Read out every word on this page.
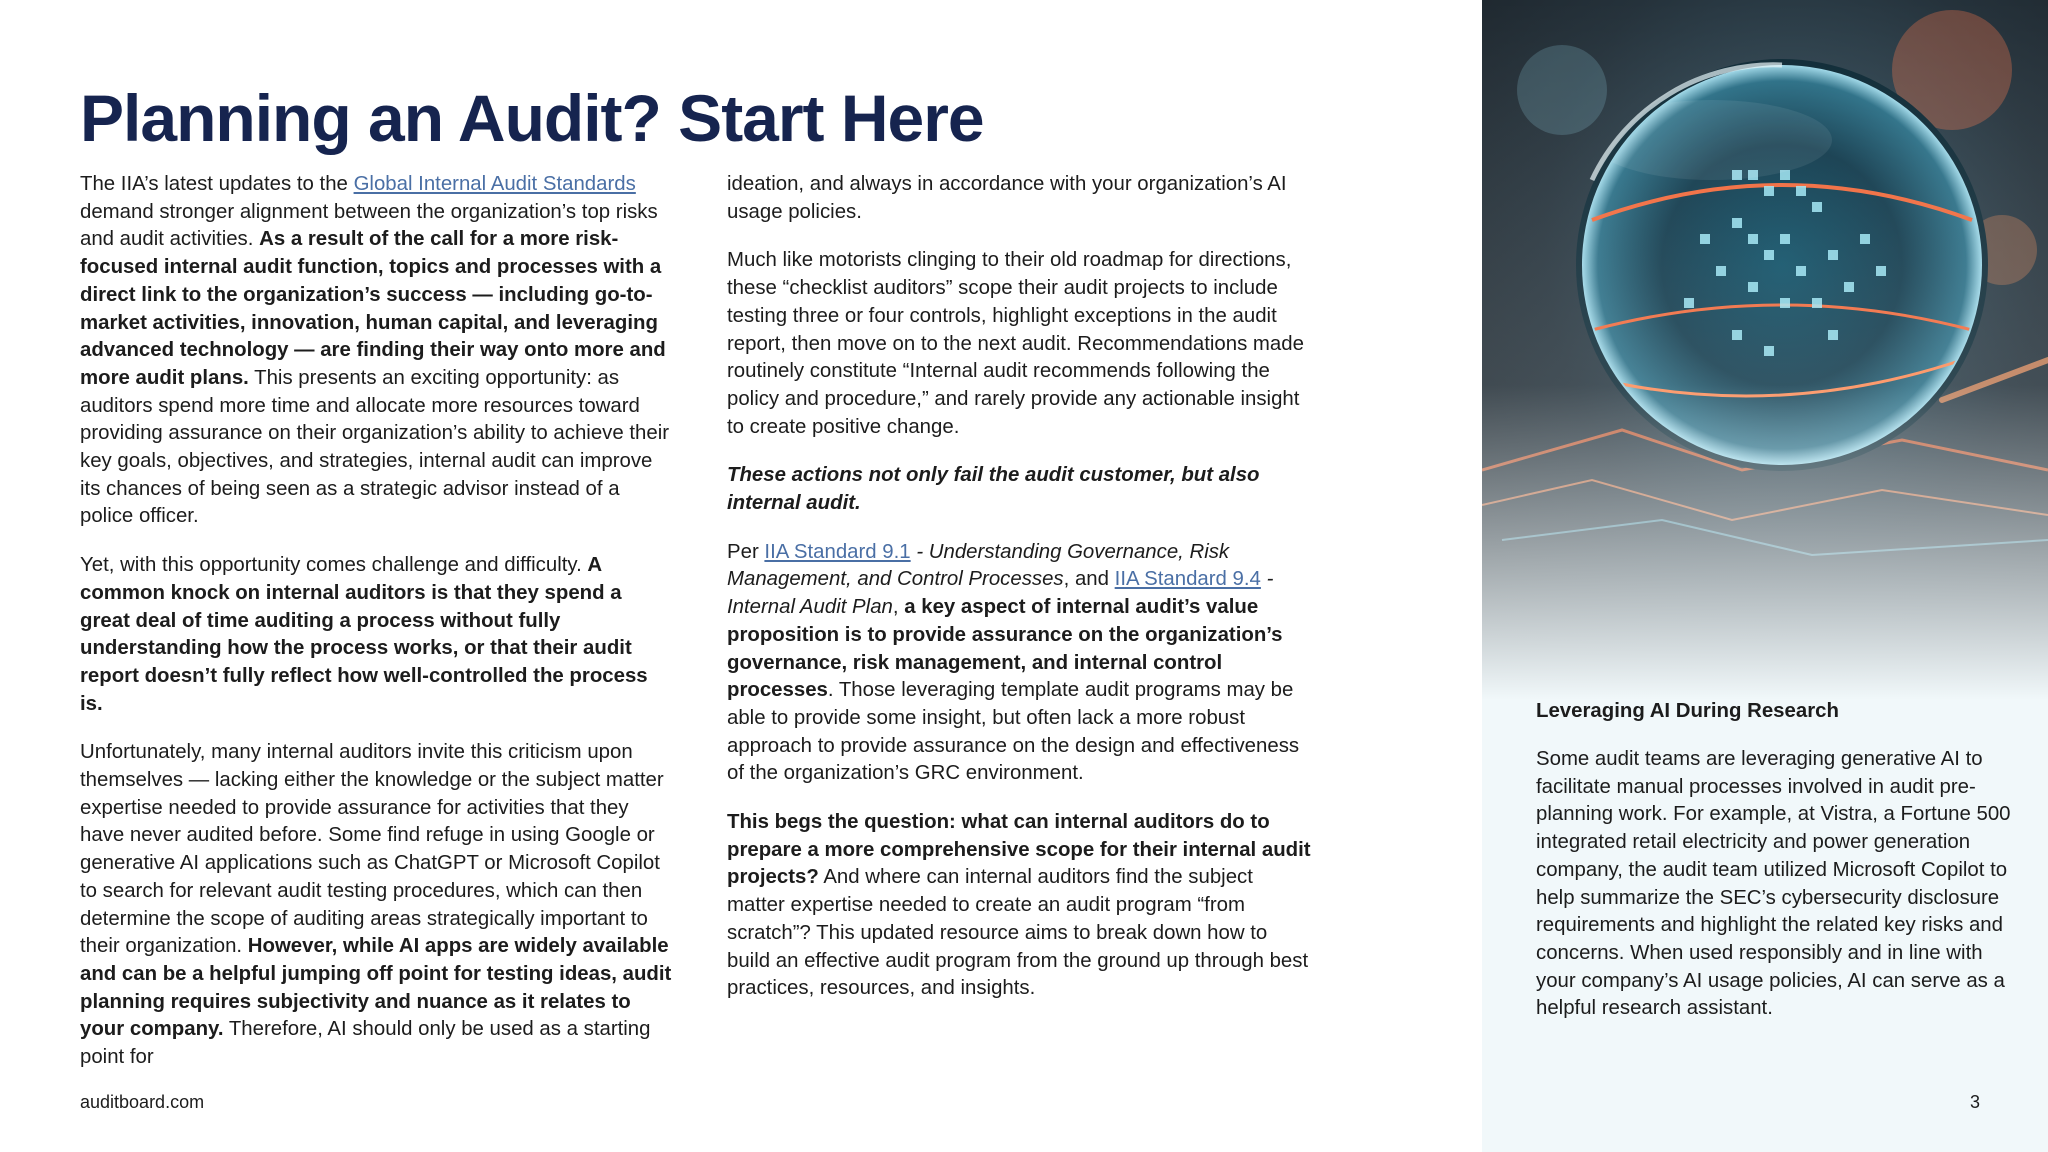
Planning an Audit? Start Here

The IIA’s latest updates to the Global Internal Audit Standards demand stronger alignment between the organization’s top risks and audit activities. As a result of the call for a more risk-focused internal audit function, topics and processes with a direct link to the organization’s success — including go-to-market activities, innovation, human capital, and leveraging advanced technology — are finding their way onto more and more audit plans. This presents an exciting opportunity: as auditors spend more time and allocate more resources toward providing assurance on their organization’s ability to achieve their key goals, objectives, and strategies, internal audit can improve its chances of being seen as a strategic advisor instead of a police officer.

Yet, with this opportunity comes challenge and difficulty. A common knock on internal auditors is that they spend a great deal of time auditing a process without fully understanding how the process works, or that their audit report doesn’t fully reflect how well-controlled the process is.

Unfortunately, many internal auditors invite this criticism upon themselves — lacking either the knowledge or the subject matter expertise needed to provide assurance for activities that they have never audited before. Some find refuge in using Google or generative AI applications such as ChatGPT or Microsoft Copilot to search for relevant audit testing procedures, which can then determine the scope of auditing areas strategically important to their organization. However, while AI apps are widely available and can be a helpful jumping off point for testing ideas, audit planning requires subjectivity and nuance as it relates to your company. Therefore, AI should only be used as a starting point for

ideation, and always in accordance with your organization’s AI usage policies.

Much like motorists clinging to their old roadmap for directions, these “checklist auditors” scope their audit projects to include testing three or four controls, highlight exceptions in the audit report, then move on to the next audit. Recommendations made routinely constitute “Internal audit recommends following the policy and procedure,” and rarely provide any actionable insight to create positive change.

These actions not only fail the audit customer, but also internal audit.

Per IIA Standard 9.1 - Understanding Governance, Risk Management, and Control Processes, and IIA Standard 9.4 - Internal Audit Plan, a key aspect of internal audit’s value proposition is to provide assurance on the organization’s governance, risk management, and internal control processes. Those leveraging template audit programs may be able to provide some insight, but often lack a more robust approach to provide assurance on the design and effectiveness of the organization’s GRC environment.

This begs the question: what can internal auditors do to prepare a more comprehensive scope for their internal audit projects? And where can internal auditors find the subject matter expertise needed to create an audit program “from scratch”? This updated resource aims to break down how to build an effective audit program from the ground up through best practices, resources, and insights.

auditboard.com
Leveraging AI During Research
Some audit teams are leveraging generative AI to facilitate manual processes involved in audit pre-planning work. For example, at Vistra, a Fortune 500 integrated retail electricity and power generation company, the audit team utilized Microsoft Copilot to help summarize the SEC’s cybersecurity disclosure requirements and highlight the related key risks and concerns. When used responsibly and in line with your company’s AI usage policies, AI can serve as a helpful research assistant.
3
